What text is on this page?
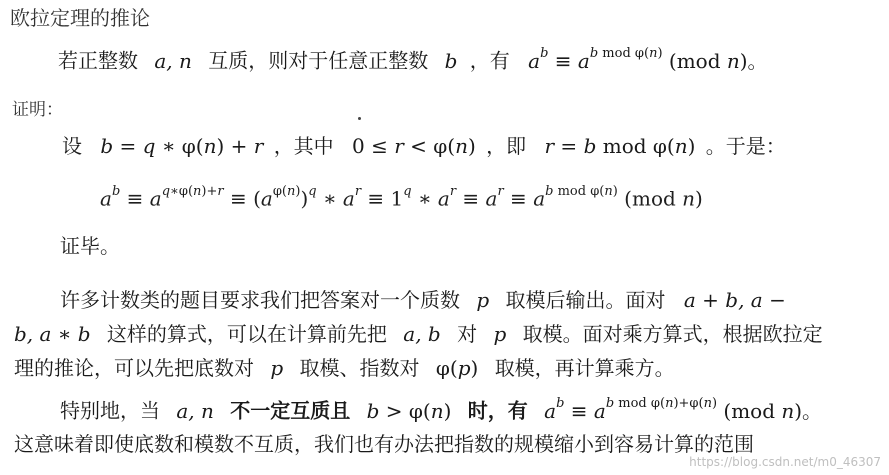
欧拉定理的推论
若正整数 a, n 互质，则对于任意正整数 b ，有 $a^b \equiv a^{b mod \varphi(n)}$ (mod n)。
证明：
设 b = q ∗ φ(n) + r ，其中 0 ≤ r < φ(n) ，即 r = b mod φ(n) 。于是：
$a^b \equiv a^{q∗\varphi(n)+r} \equiv (a^{\varphi(n)})^q$ ∗ $a^r \equiv 1^q$ ∗ $a^r \equiv a^r \equiv a^{b mod \varphi(n)}$ (mod n)
证毕。
许多计数类的题目要求我们把答案对一个质数 p 取模后输出。面对 a + b, a −
b, a ∗ b 这样的算式，可以在计算前先把 a, b 对 p 取模。面对乘方算式，根据欧拉定
理的推论，可以先把底数对 p 取模、指数对 φ(p) 取模，再计算乘方。
特别地，当 a, n 不一定互质且 b > φ(n) 时，有 $a^b \equiv a^{b mod \varphi(n)+\varphi(n)}$ (mod n)。
这意味着即使底数和模数不互质，我们也有办法把指数的规模缩小到容易计算的范围
https://blog.csdn.net/m0_46307
